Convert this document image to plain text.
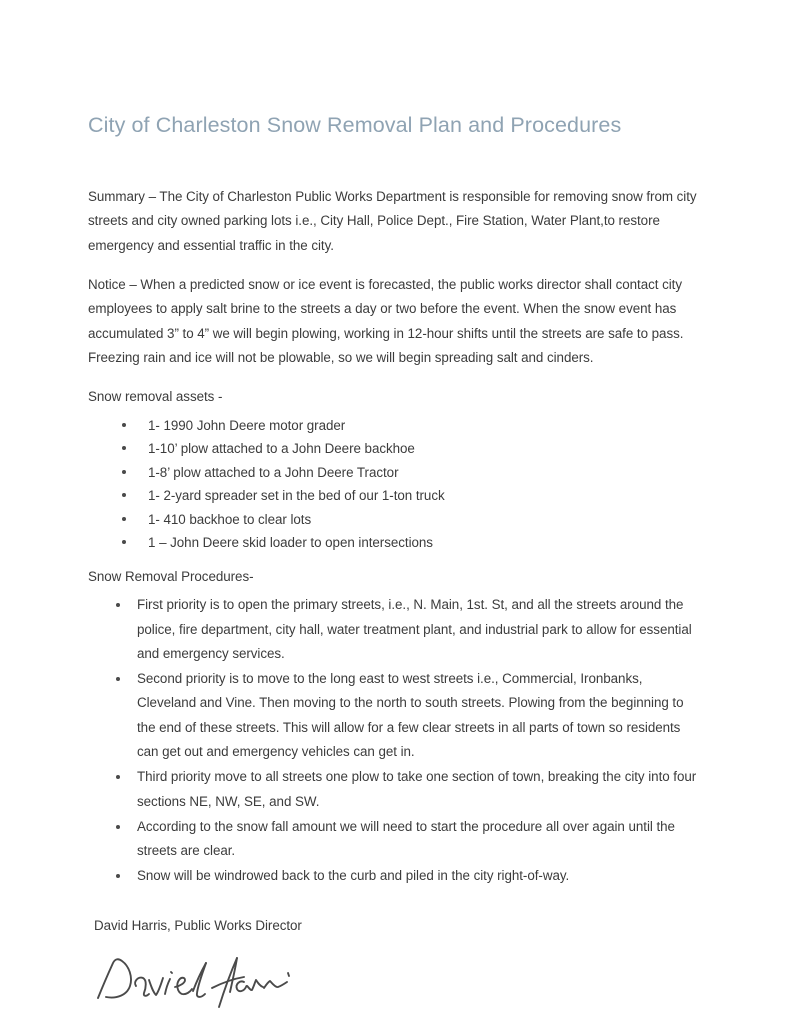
City of Charleston Snow Removal Plan and Procedures

Summary – The City of Charleston Public Works Department is responsible for removing snow from city streets and city owned parking lots i.e., City Hall, Police Dept., Fire Station, Water Plant,to restore emergency and essential traffic in the city.

Notice – When a predicted snow or ice event is forecasted, the public works director shall contact city employees to apply salt brine to the streets a day or two before the event. When the snow event has accumulated 3” to 4” we will begin plowing, working in 12-hour shifts until the streets are safe to pass. Freezing rain and ice will not be plowable, so we will begin spreading salt and cinders.

Snow removal assets -

1- 1990 John Deere motor grader
1-10’ plow attached to a John Deere backhoe
1-8’ plow attached to a John Deere Tractor
1- 2-yard spreader set in the bed of our 1-ton truck
1- 410 backhoe to clear lots
1 – John Deere skid loader to open intersections

Snow Removal Procedures-

First priority is to open the primary streets, i.e., N. Main, 1st. St, and all the streets around the police, fire department, city hall, water treatment plant, and industrial park to allow for essential and emergency services.
Second priority is to move to the long east to west streets i.e., Commercial, Ironbanks, Cleveland and Vine. Then moving to the north to south streets. Plowing from the beginning to the end of these streets. This will allow for a few clear streets in all parts of town so residents can get out and emergency vehicles can get in.
Third priority move to all streets one plow to take one section of town, breaking the city into four sections NE, NW, SE, and SW.
According to the snow fall amount we will need to start the procedure all over again until the streets are clear.
Snow will be windrowed back to the curb and piled in the city right-of-way.

David Harris, Public Works Director
